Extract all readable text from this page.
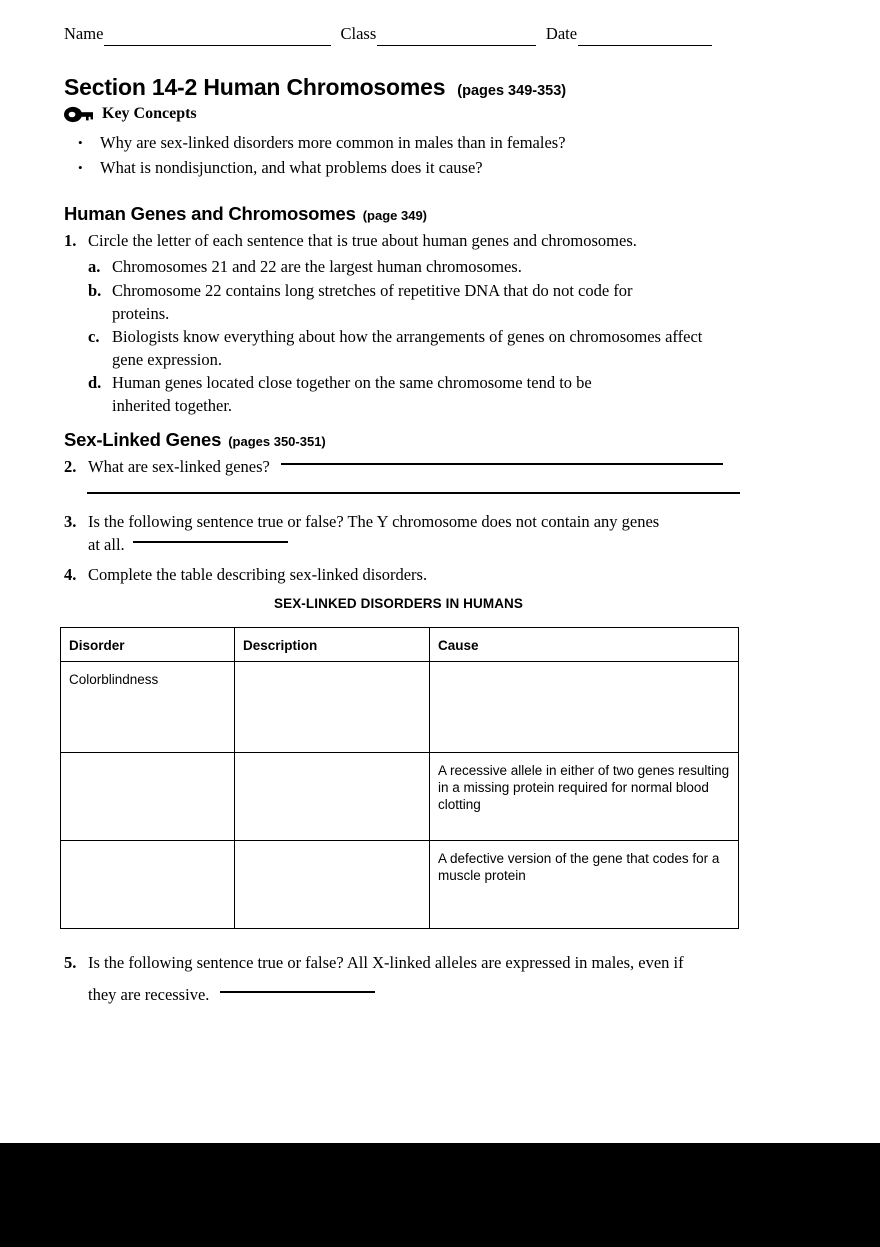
Name	Class	Date
Section 14-2
Human Chromosomes (pages 349-353)
Key Concepts
•	Why are sex-linked disorders more common in males than in females?
•	What is nondisjunction, and what problems does it cause?
Human Genes and Chromosomes (page 349)
1. Circle the letter of each sentence that is true about human genes and chromosomes.
a. Chromosomes 21 and 22 are the largest human chromosomes.
b. Chromosome 22 contains long stretches of repetitive DNA that do not code for proteins.
c. Biologists know everything about how the arrangements of genes on chromosomes affect gene expression.
d. Human genes located close together on the same chromosome tend to be inherited together.
Sex-Linked Genes (pages 350-351)
2. What are sex-linked genes?
3. Is the following sentence true or false? The Y chromosome does not contain any genes
at all.
4. Complete the table describing sex-linked disorders.
SEX-LINKED DISORDERS IN HUMANS
Disorder	Description	Cause
Colorblindness		
		A recessive allele in either of two genes resulting in a missing protein required for normal blood clotting
		A defective version of the gene that codes for a muscle protein
5. Is the following sentence true or false? All X-linked alleles are expressed in males, even if
they are recessive.
